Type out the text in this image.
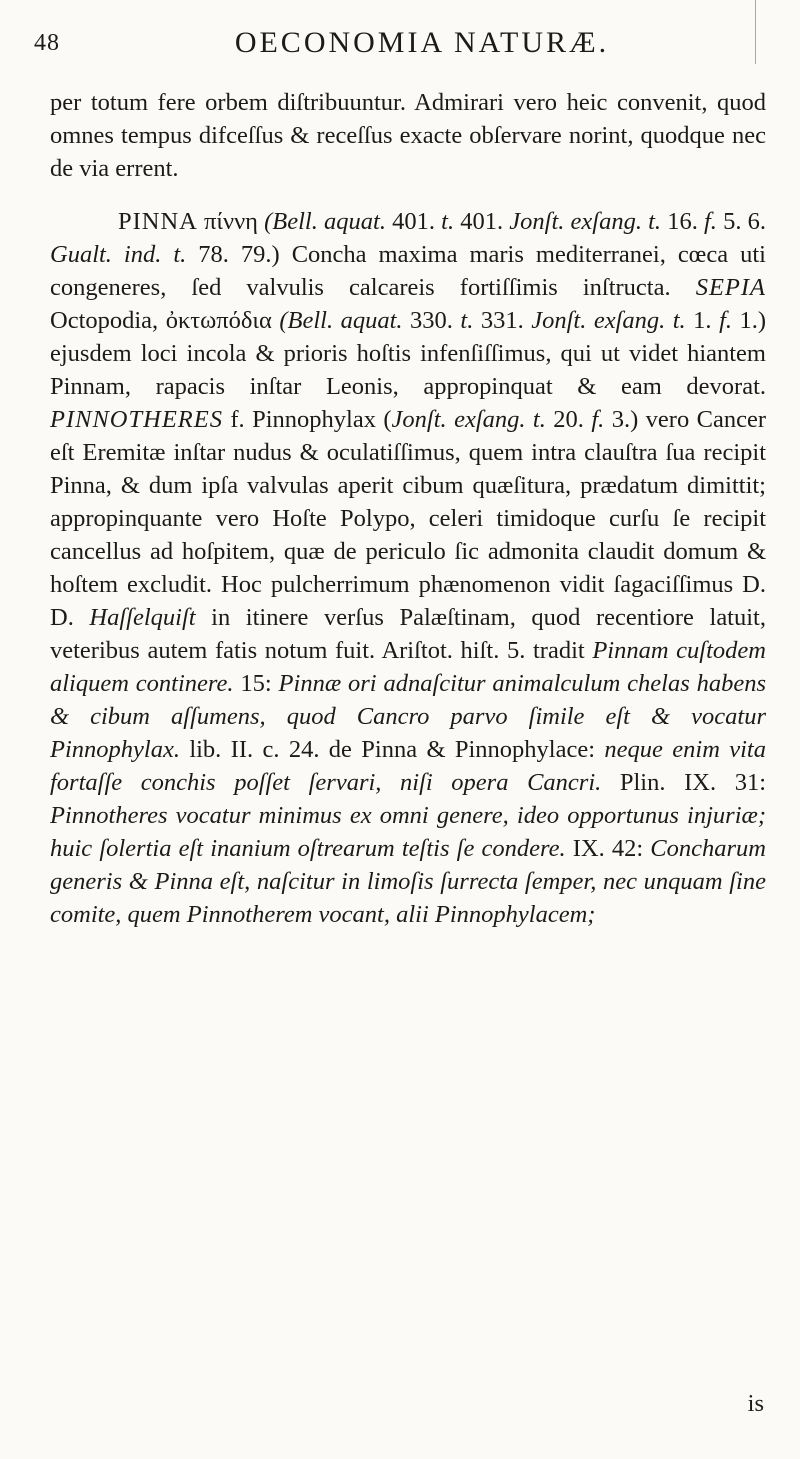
48	OECONOMIA NATURÆ.

per totum fere orbem diſtribuuntur. Admirari vero heic convenit, quod omnes tempus difceſſus & receſſus exacte obſervare norint, quodque nec de via errent.

PINNA πίννη (Bell. aquat. 401. t. 401. Jonſt. exſang. t. 16. f. 5. 6. Gualt. ind. t. 78. 79.) Concha maxima maris mediterranei, cœca uti congeneres, ſed valvulis calcareis fortiſſimis inſtructa. SEPIA Octopodia, ὀκτωπόδια (Bell. aquat. 330. t. 331. Jonſt. exſang. t. 1. f. 1.) ejusdem loci incola & prioris hoſtis infenſiſſimus, qui ut videt hiantem Pinnam, rapacis inſtar Leonis, appropinquat & eam devorat. PINNOTHERES f. Pinnophylax (Jonſt. exſang. t. 20. f. 3.) vero Cancer eſt Eremitæ inſtar nudus & oculatiſſimus, quem intra clauſtra ſua recipit Pinna, & dum ipſa valvulas aperit cibum quæſitura, prædatum dimittit; appropinquante vero Hoſte Polypo, celeri timidoque curſu ſe recipit cancellus ad hoſpitem, quæ de periculo ſic admonita claudit domum & hoſtem excludit. Hoc pulcherrimum phænomenon vidit ſagaciſſimus D. D. Haſſelquiſt in itinere verſus Palæſtinam, quod recentiore latuit, veteribus autem fatis notum fuit. Ariſtot. hiſt. 5. tradit Pinnam cuſtodem aliquem continere. 15: Pinnæ ori adnaſcitur animalculum chelas habens & cibum aſſumens, quod Cancro parvo ſimile eſt & vocatur Pinnophylax. lib. II. c. 24. de Pinna & Pinnophylace: neque enim vita fortaſſe conchis poſſet ſervari, niſi opera Cancri. Plin. IX. 31: Pinnotheres vocatur minimus ex omni genere, ideo opportunus injuriæ; huic ſolertia eſt inanium oſtrearum teſtis ſe condere. IX. 42: Concharum generis & Pinna eſt, naſcitur in limoſis ſurrecta ſemper, nec unquam ſine comite, quem Pinnotherem vocant, alii Pinnophylacem;

is
